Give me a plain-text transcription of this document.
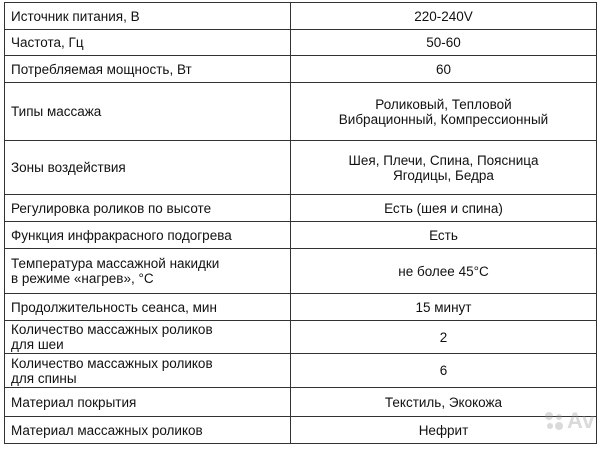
Источник питания, В	220-240V
Частота, Гц	50-60
Потребляемая мощность, Вт	60
Типы массажа	Роликовый, Тепловой
Вибрационный, Компрессионный

Зоны воздействия	Шея, Плечи, Спина, Поясница
Ягодицы, Бедра

Регулировка роликов по высоте	Есть (шея и спина)
Функция инфракрасного подогрева	Есть

Температура массажной накидки
в режиме «нагрев», °С	не более 45°С
Продолжительность сеанса, мин	15 минут

Количество массажных роликов
для шеи	2

Количество массажных роликов
для спины	6
Материал покрытия	Текстиль, Экокожа
Материал массажных роликов	Нефрит	Av
